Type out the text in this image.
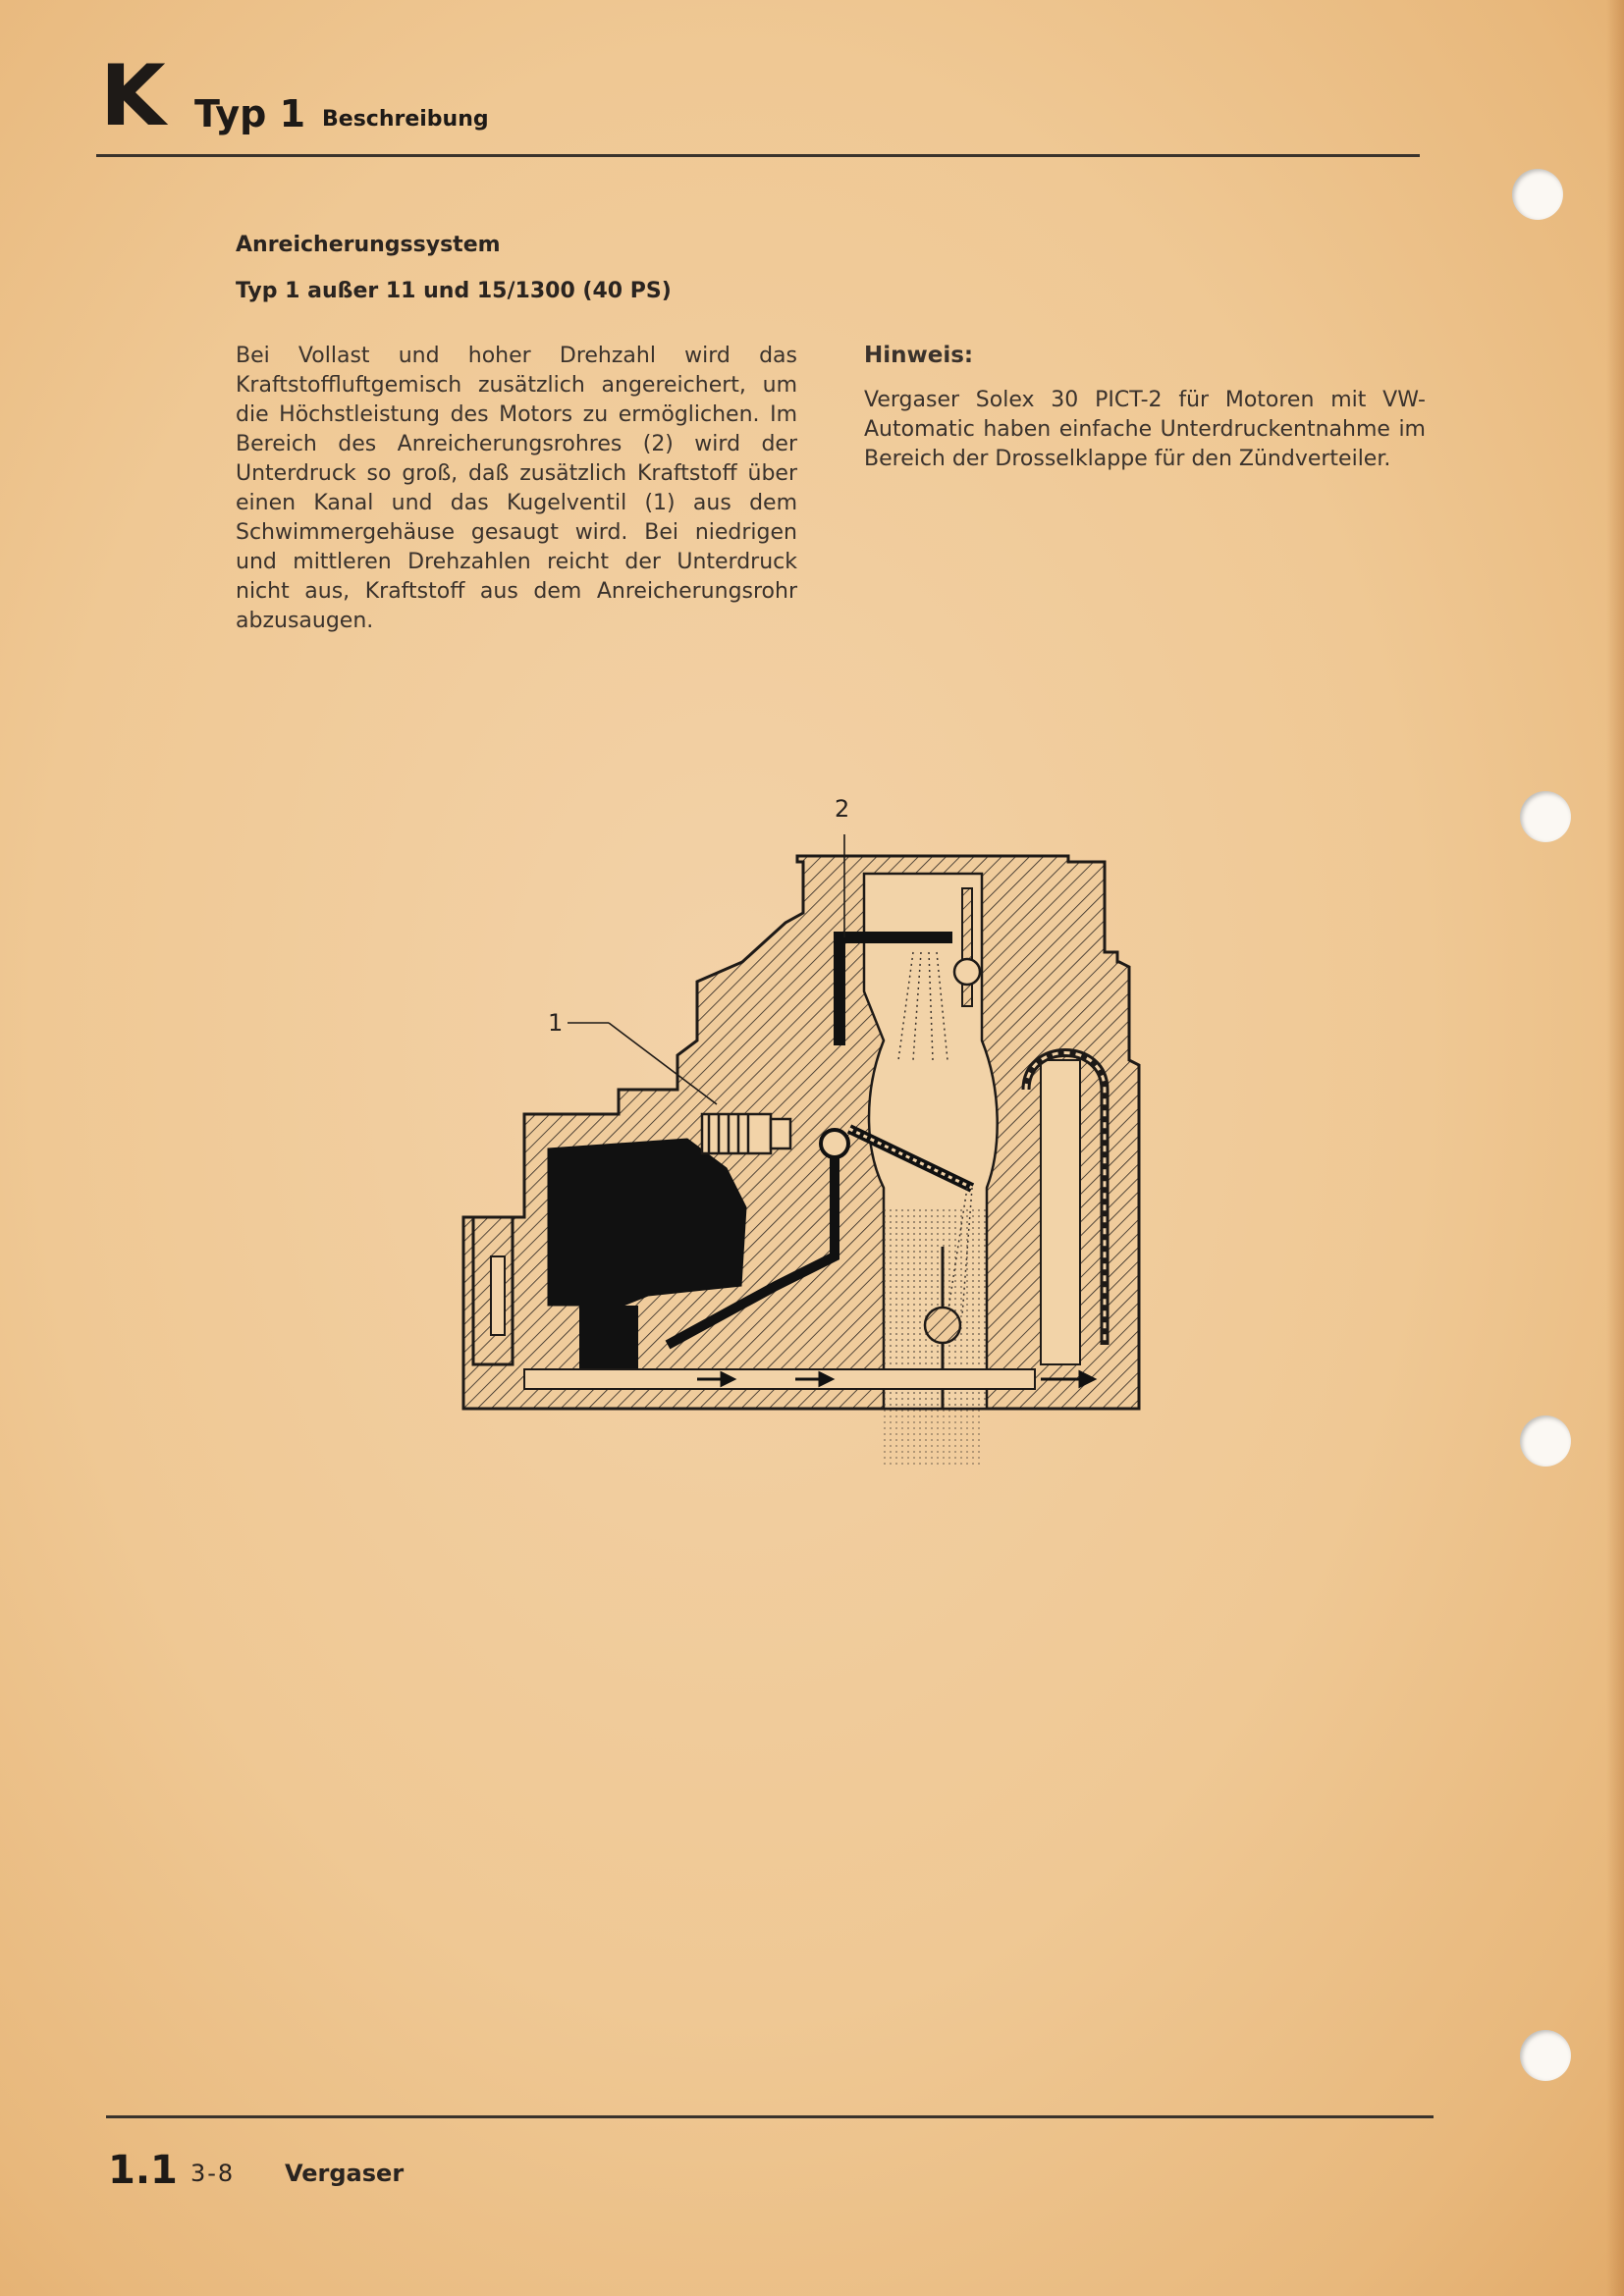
K Typ 1 Beschreibung
Anreicherungssystem
Typ 1 außer 11 und 15/1300 (40 PS)
Bei Vollast und hoher Drehzahl wird das Kraftstoffluftgemisch zusätzlich angereichert, um die Höchstleistung des Motors zu ermöglichen. Im Bereich des Anreicherungsrohres (2) wird der Unterdruck so groß, daß zusätzlich Kraftstoff über einen Kanal und das Kugelventil (1) aus dem Schwimmergehäuse gesaugt wird. Bei niedrigen und mittleren Drehzahlen reicht der Unterdruck nicht aus, Kraftstoff aus dem Anreicherungsrohr abzusaugen.
Hinweis:
Vergaser Solex 30 PICT-2 für Motoren mit VW-Automatic haben einfache Unterdruckentnahme im Bereich der Drosselklappe für den Zündverteiler.
1
2
1.1 3-8 Vergaser
